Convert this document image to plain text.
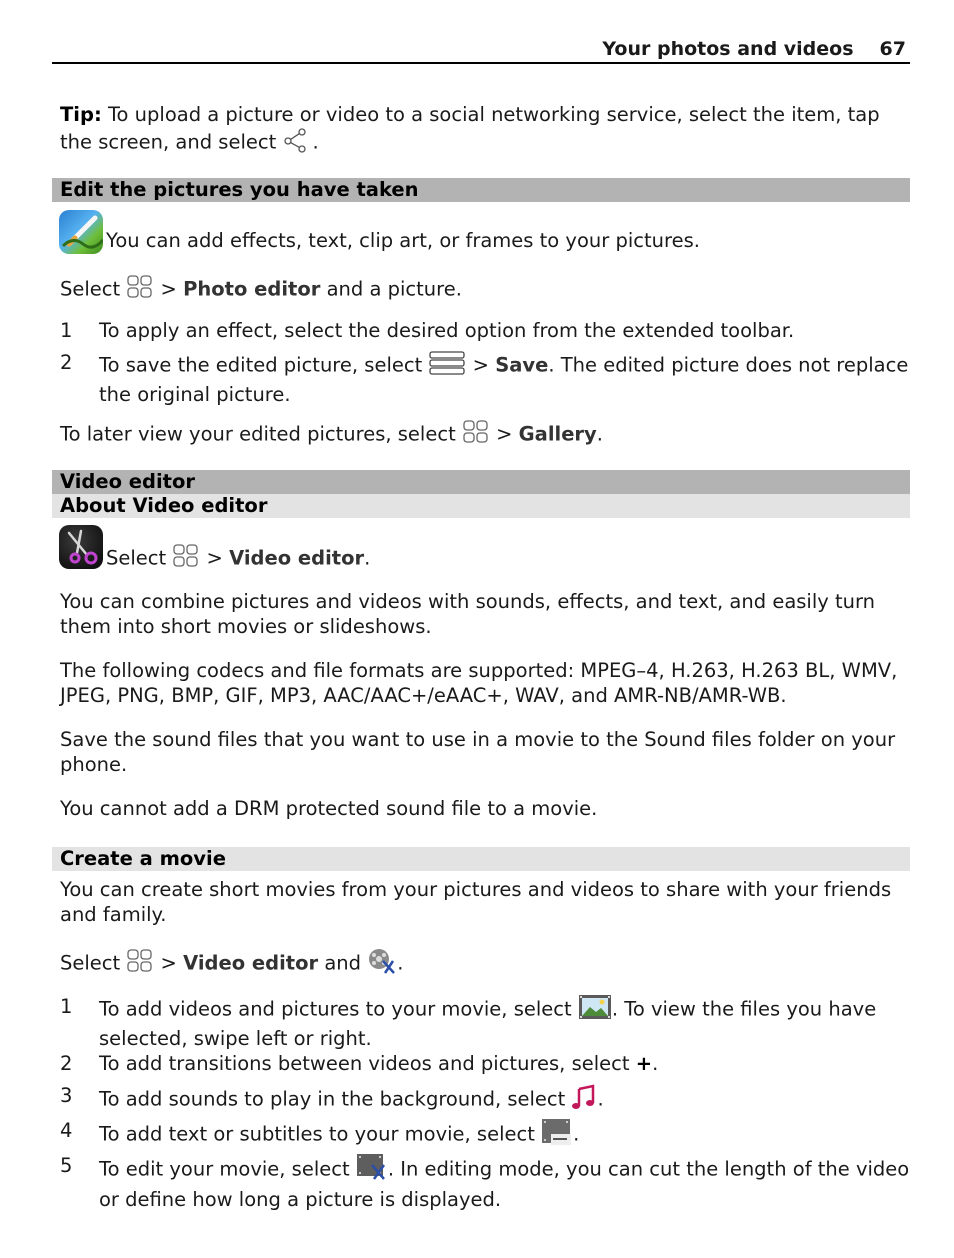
Your photos and videos 67

Tip: To upload a picture or video to a social networking service, select the item, tap the screen, and select .

Edit the pictures you have taken

You can add effects, text, clip art, or frames to your pictures.

Select  > Photo editor and a picture.

1 To apply an effect, select the desired option from the extended toolbar.
2 To save the edited picture, select  > Save. The edited picture does not replace the original picture.

To later view your edited pictures, select  > Gallery.

Video editor
About Video editor

Select  > Video editor.

You can combine pictures and videos with sounds, effects, and text, and easily turn them into short movies or slideshows.

The following codecs and file formats are supported: MPEG–4, H.263, H.263 BL, WMV, JPEG, PNG, BMP, GIF, MP3, AAC/AAC+/eAAC+, WAV, and AMR-NB/AMR-WB.

Save the sound files that you want to use in a movie to the Sound files folder on your phone.

You cannot add a DRM protected sound file to a movie.

Create a movie

You can create short movies from your pictures and videos to share with your friends and family.

Select  > Video editor and .

1 To add videos and pictures to your movie, select . To view the files you have selected, swipe left or right.
2 To add transitions between videos and pictures, select +.
3 To add sounds to play in the background, select .
4 To add text or subtitles to your movie, select .
5 To edit your movie, select . In editing mode, you can cut the length of the video or define how long a picture is displayed.
